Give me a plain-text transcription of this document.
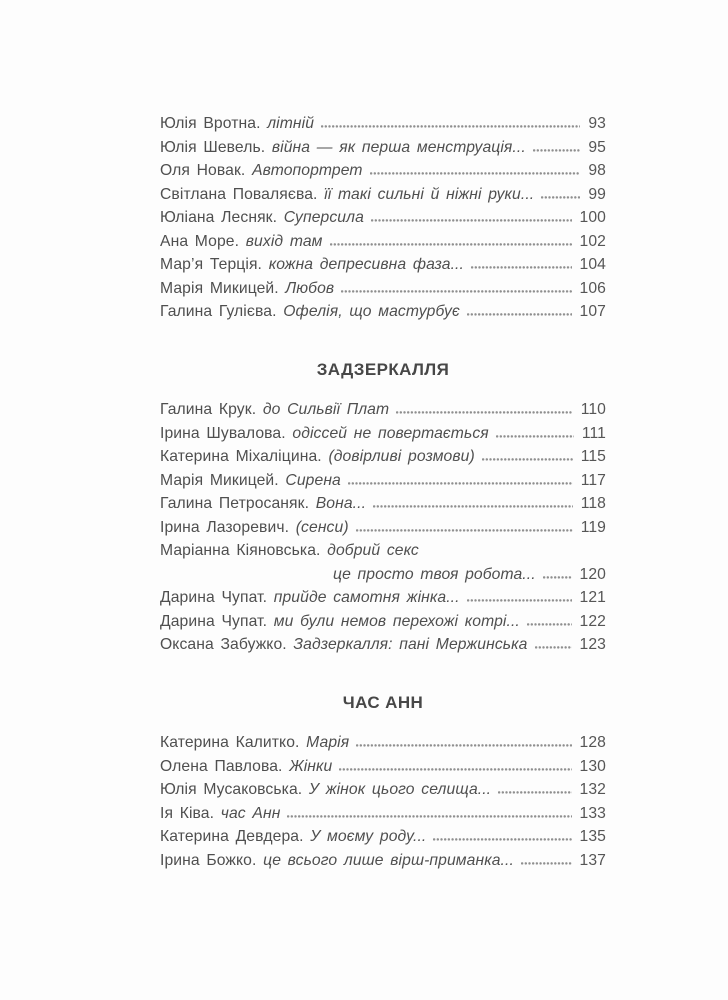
Юлія Вротна. літній	93
Юлія Шевель. війна — як перша менструація...	95
Оля Новак. Автопортрет	98
Світлана Поваляєва. її такі сильні й ніжні руки...	99
Юліана Лесняк. Суперсила	100
Ана Море. вихід там	102
Мар’я Терція. кожна депресивна фаза...	104
Марія Микицей. Любов	106
Галина Гулієва. Офелія, що мастурбує	107
ЗАДЗЕРКАЛЛЯ
Галина Крук. до Сильвії Плат	110
Ірина Шувалова. одіссей не повертається	111
Катерина Міхаліцина. (довірливі розмови)	115
Марія Микицей. Сирена	117
Галина Петросаняк. Вона...	118
Ірина Лазоревич. (сенси)	119
Маріанна Кіяновська. добрий секс
це просто твоя робота...	120
Дарина Чупат. прийде самотня жінка...	121
Дарина Чупат. ми були немов перехожі котрі...	122
Оксана Забужко. Задзеркалля: пані Мержинська	123
ЧАС АНН
Катерина Калитко. Марія	128
Олена Павлова. Жінки	130
Юлія Мусаковська. У жінок цього селища...	132
Ія Ківа. час Анн	133
Катерина Девдера. У моєму роду...	135
Ірина Божко. це всього лише вірш-приманка...	137
